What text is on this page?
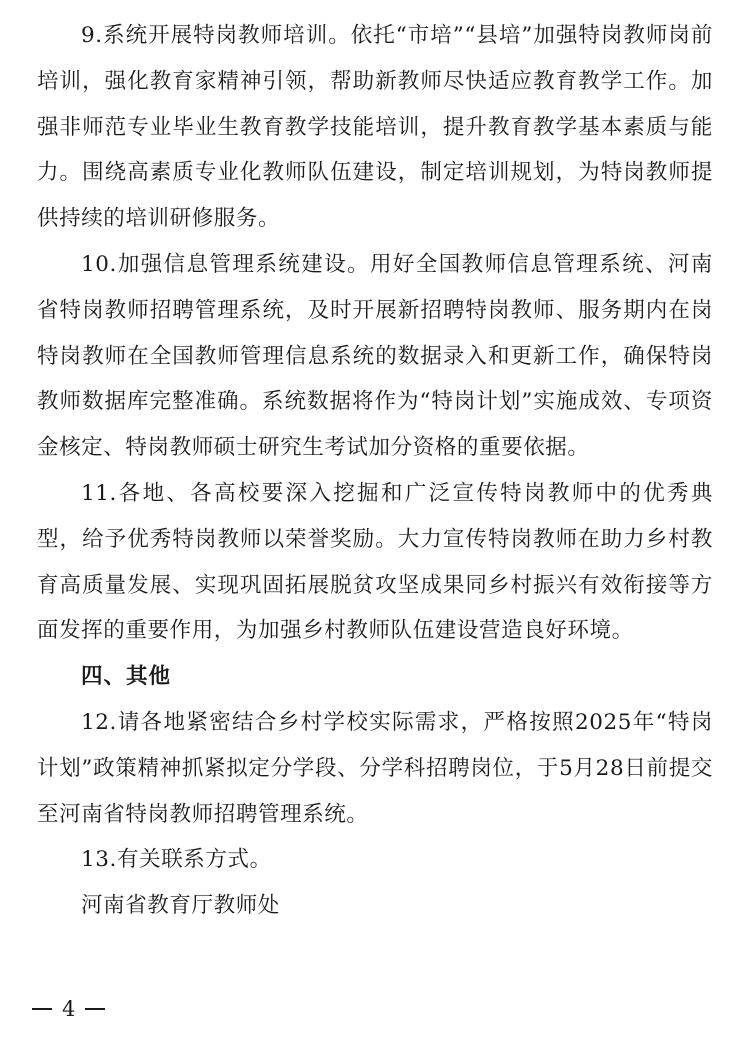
9.系统开展特岗教师培训。依托“市培”“县培”加强特岗教师岗前培训，强化教育家精神引领，帮助新教师尽快适应教育教学工作。加强非师范专业毕业生教育教学技能培训，提升教育教学基本素质与能力。围绕高素质专业化教师队伍建设，制定培训规划，为特岗教师提供持续的培训研修服务。

10.加强信息管理系统建设。用好全国教师信息管理系统、河南省特岗教师招聘管理系统，及时开展新招聘特岗教师、服务期内在岗特岗教师在全国教师管理信息系统的数据录入和更新工作，确保特岗教师数据库完整准确。系统数据将作为“特岗计划”实施成效、专项资金核定、特岗教师硕士研究生考试加分资格的重要依据。

11.各地、各高校要深入挖掘和广泛宣传特岗教师中的优秀典型，给予优秀特岗教师以荣誉奖励。大力宣传特岗教师在助力乡村教育高质量发展、实现巩固拓展脱贫攻坚成果同乡村振兴有效衔接等方面发挥的重要作用，为加强乡村教师队伍建设营造良好环境。

四、其他

12.请各地紧密结合乡村学校实际需求，严格按照2025年“特岗计划”政策精神抓紧拟定分学段、分学科招聘岗位，于5月28日前提交至河南省特岗教师招聘管理系统。

13.有关联系方式。

河南省教育厅教师处

4
